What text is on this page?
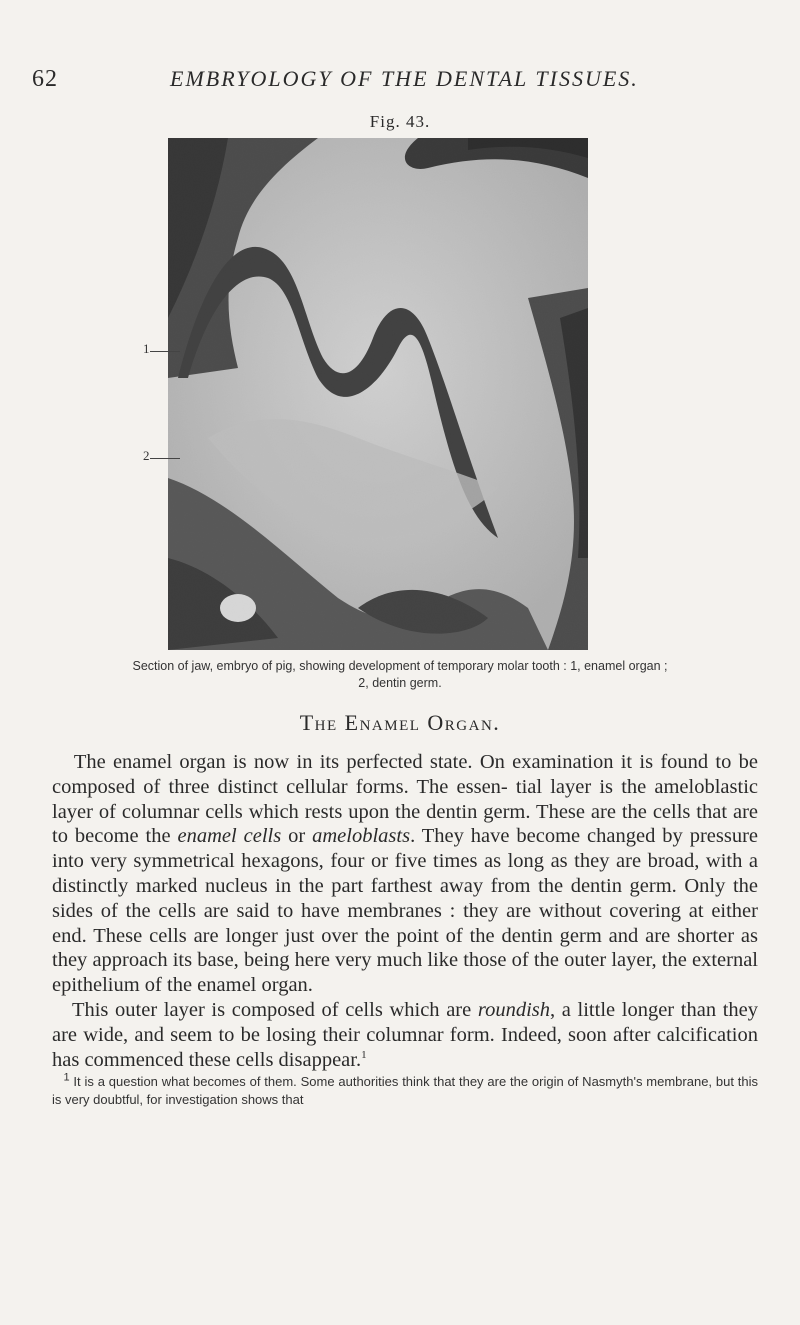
62	EMBRYOLOGY OF THE DENTAL TISSUES.
Fig. 43.
1
2
Section of jaw, embryo of pig, showing development of temporary molar tooth : 1, enamel organ ;
2, dentin germ.
The Enamel Organ.

The enamel organ is now in its perfected state. On examination it is found to be composed of three distinct cellular forms. The essen- tial layer is the ameloblastic layer of columnar cells which rests upon the dentin germ. These are the cells that are to become the enamel cells or ameloblasts. They have become changed by pressure into very symmetrical hexagons, four or five times as long as they are broad, with a distinctly marked nucleus in the part farthest away from the dentin germ. Only the sides of the cells are said to have membranes : they are without covering at either end. These cells are longer just over the point of the dentin germ and are shorter as they approach its base, being here very much like those of the outer layer, the external epithelium of the enamel organ.

This outer layer is composed of cells which are roundish, a little longer than they are wide, and seem to be losing their columnar form. Indeed, soon after calcification has commenced these cells disappear.$^1$

$^1$ It is a question what becomes of them. Some authorities think that they are the origin of Nasmyth's membrane, but this is very doubtful, for investigation shows that
